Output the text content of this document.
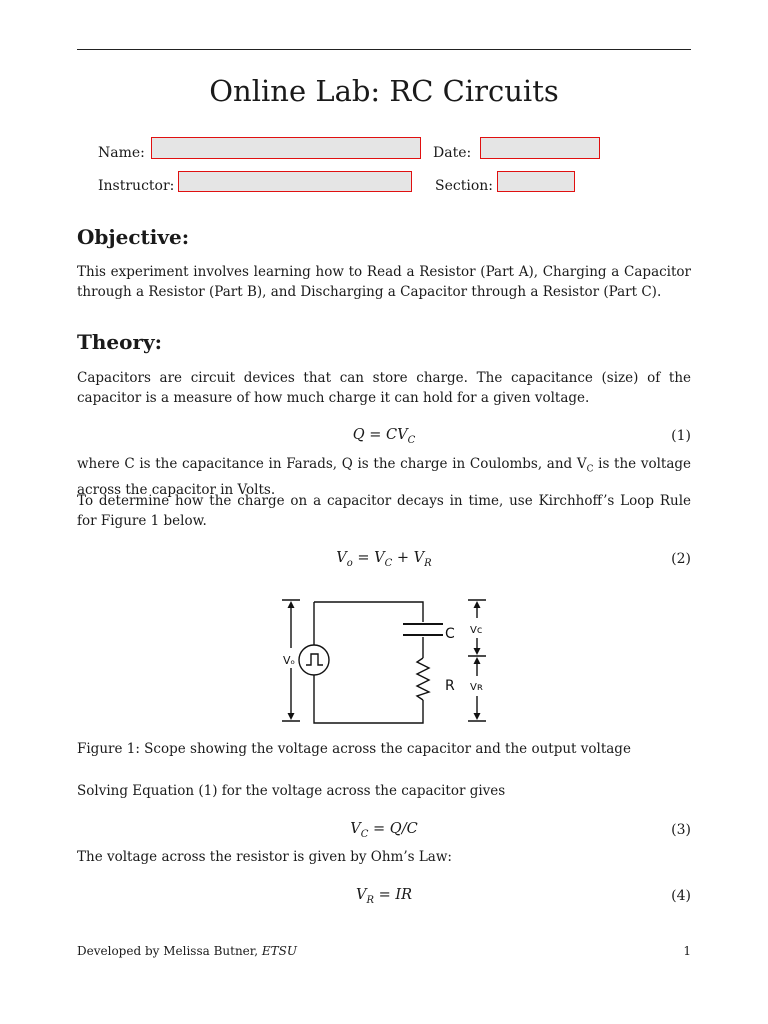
Online Lab: RC Circuits
Name:	Date:
Instructor:	Section:
Objective:
This experiment involves learning how to Read a Resistor (Part A), Charging a Capacitor through a Resistor (Part B), and Discharging a Capacitor through a Resistor (Part C).
Theory:
Capacitors are circuit devices that can store charge. The capacitance (size) of the capacitor is a measure of how much charge it can hold for a given voltage.
$Q = CV_C$	(1)
where C is the capacitance in Farads, Q is the charge in Coulombs, and $V_C$ is the voltage across the capacitor in Volts.
To determine how the charge on a capacitor decays in time, use Kirchhoff’s Loop Rule for Figure 1 below.
$V_o = V_C + V_R$	(2)
Vₒ
C
R
Vᴄ
Vʀ
Figure 1: Scope showing the voltage across the capacitor and the output voltage
Solving Equation (1) for the voltage across the capacitor gives
$V_C = Q/C$	(3)
The voltage across the resistor is given by Ohm’s Law:
$V_R$ = IR	(4)
Developed by Melissa Butner, ETSU	1
